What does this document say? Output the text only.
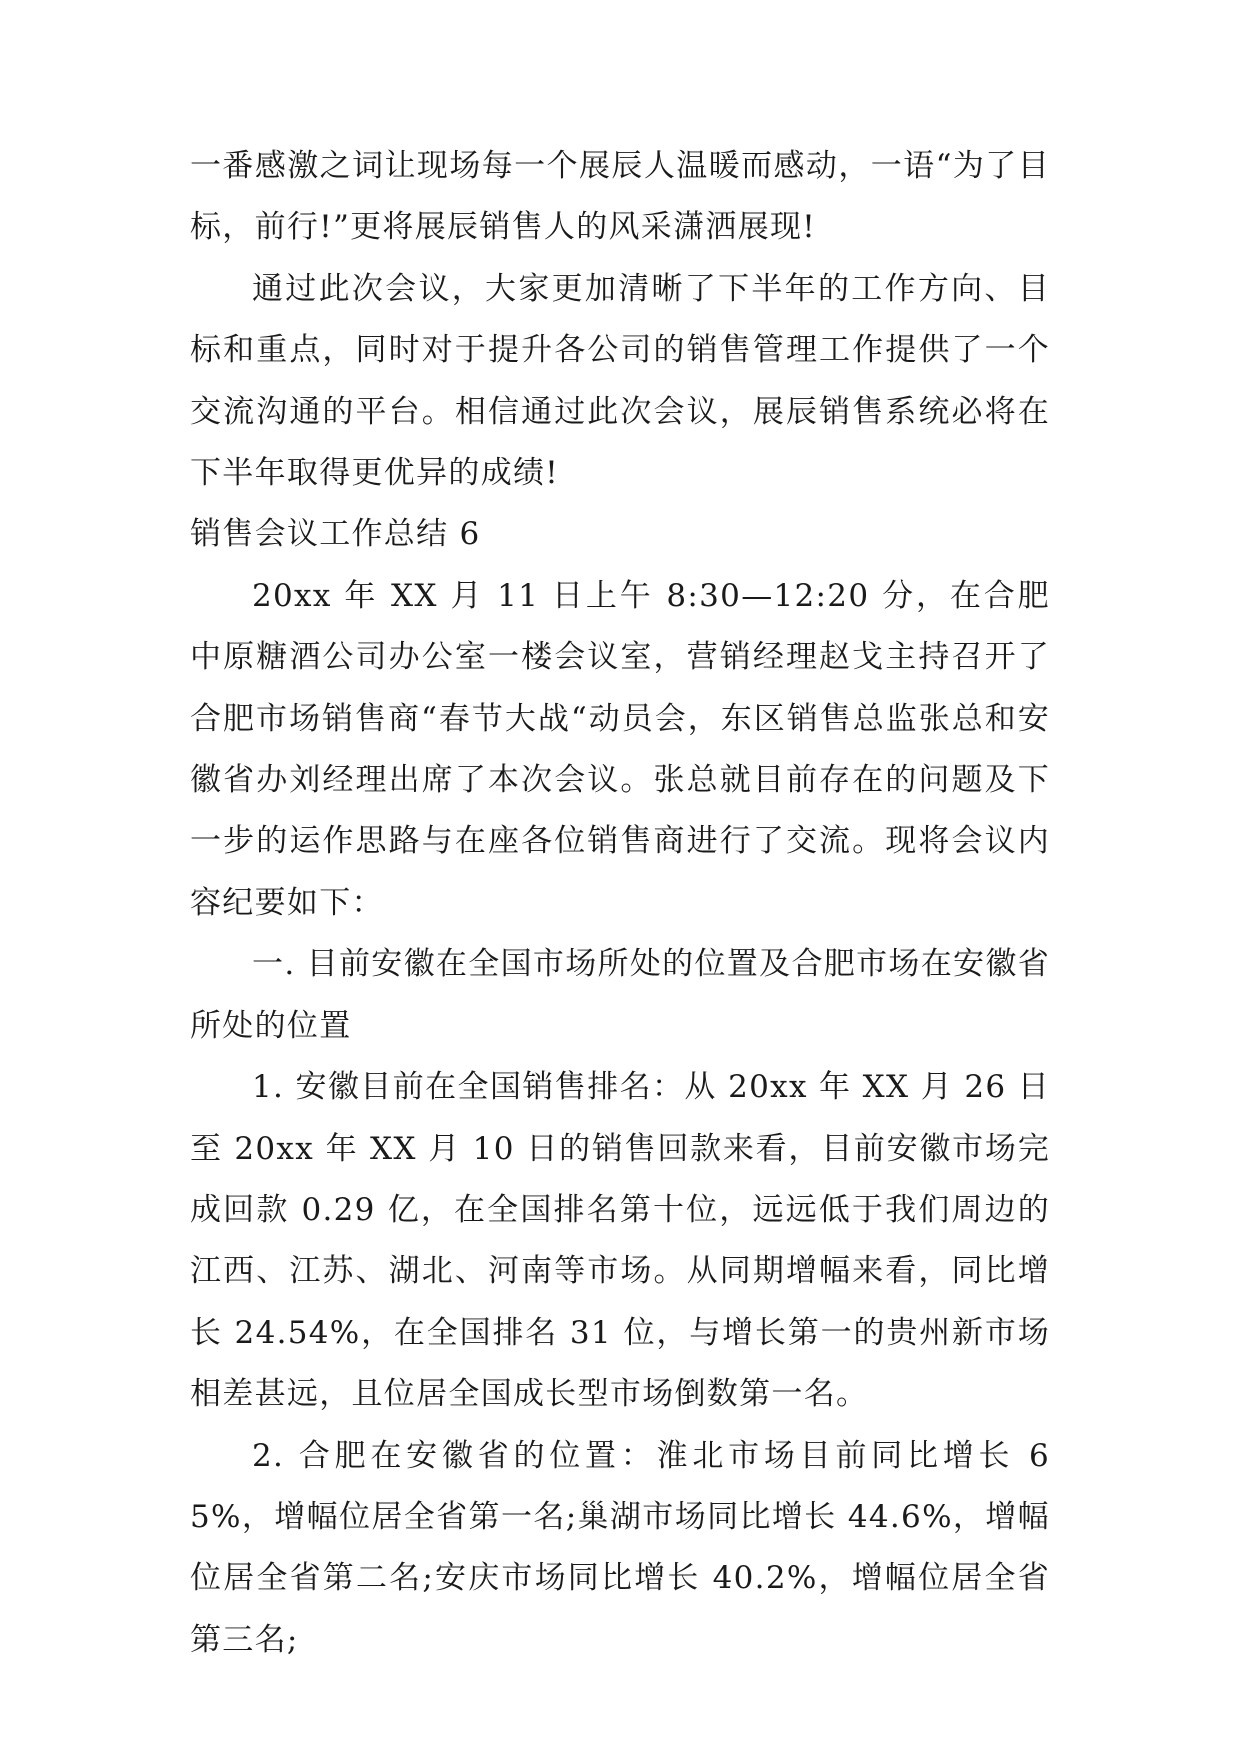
一番感激之词让现场每一个展辰人温暖而感动，一语“为了目标，前行!”更将展辰销售人的风采潇洒展现!

通过此次会议，大家更加清晰了下半年的工作方向、目标和重点，同时对于提升各公司的销售管理工作提供了一个交流沟通的平台。相信通过此次会议，展辰销售系统必将在下半年取得更优异的成绩!

销售会议工作总结 6

20xx 年 XX 月 11 日上午 8:30—12:20 分，在合肥中原糖酒公司办公室一楼会议室，营销经理赵戈主持召开了合肥市场销售商“春节大战“动员会，东区销售总监张总和安徽省办刘经理出席了本次会议。张总就目前存在的问题及下一步的运作思路与在座各位销售商进行了交流。现将会议内容纪要如下：

一. 目前安徽在全国市场所处的位置及合肥市场在安徽省所处的位置

1. 安徽目前在全国销售排名：从 20xx 年 XX 月 26 日至 20xx 年 XX 月 10 日的销售回款来看，目前安徽市场完成回款 0.29 亿，在全国排名第十位，远远低于我们周边的江西、江苏、湖北、河南等市场。从同期增幅来看，同比增长 24.54%，在全国排名 31 位，与增长第一的贵州新市场相差甚远，且位居全国成长型市场倒数第一名。

2. 合肥在安徽省的位置：淮北市场目前同比增长 65%，增幅位居全省第一名;巢湖市场同比增长 44.6%，增幅位居全省第二名;安庆市场同比增长 40.2%，增幅位居全省第三名;
